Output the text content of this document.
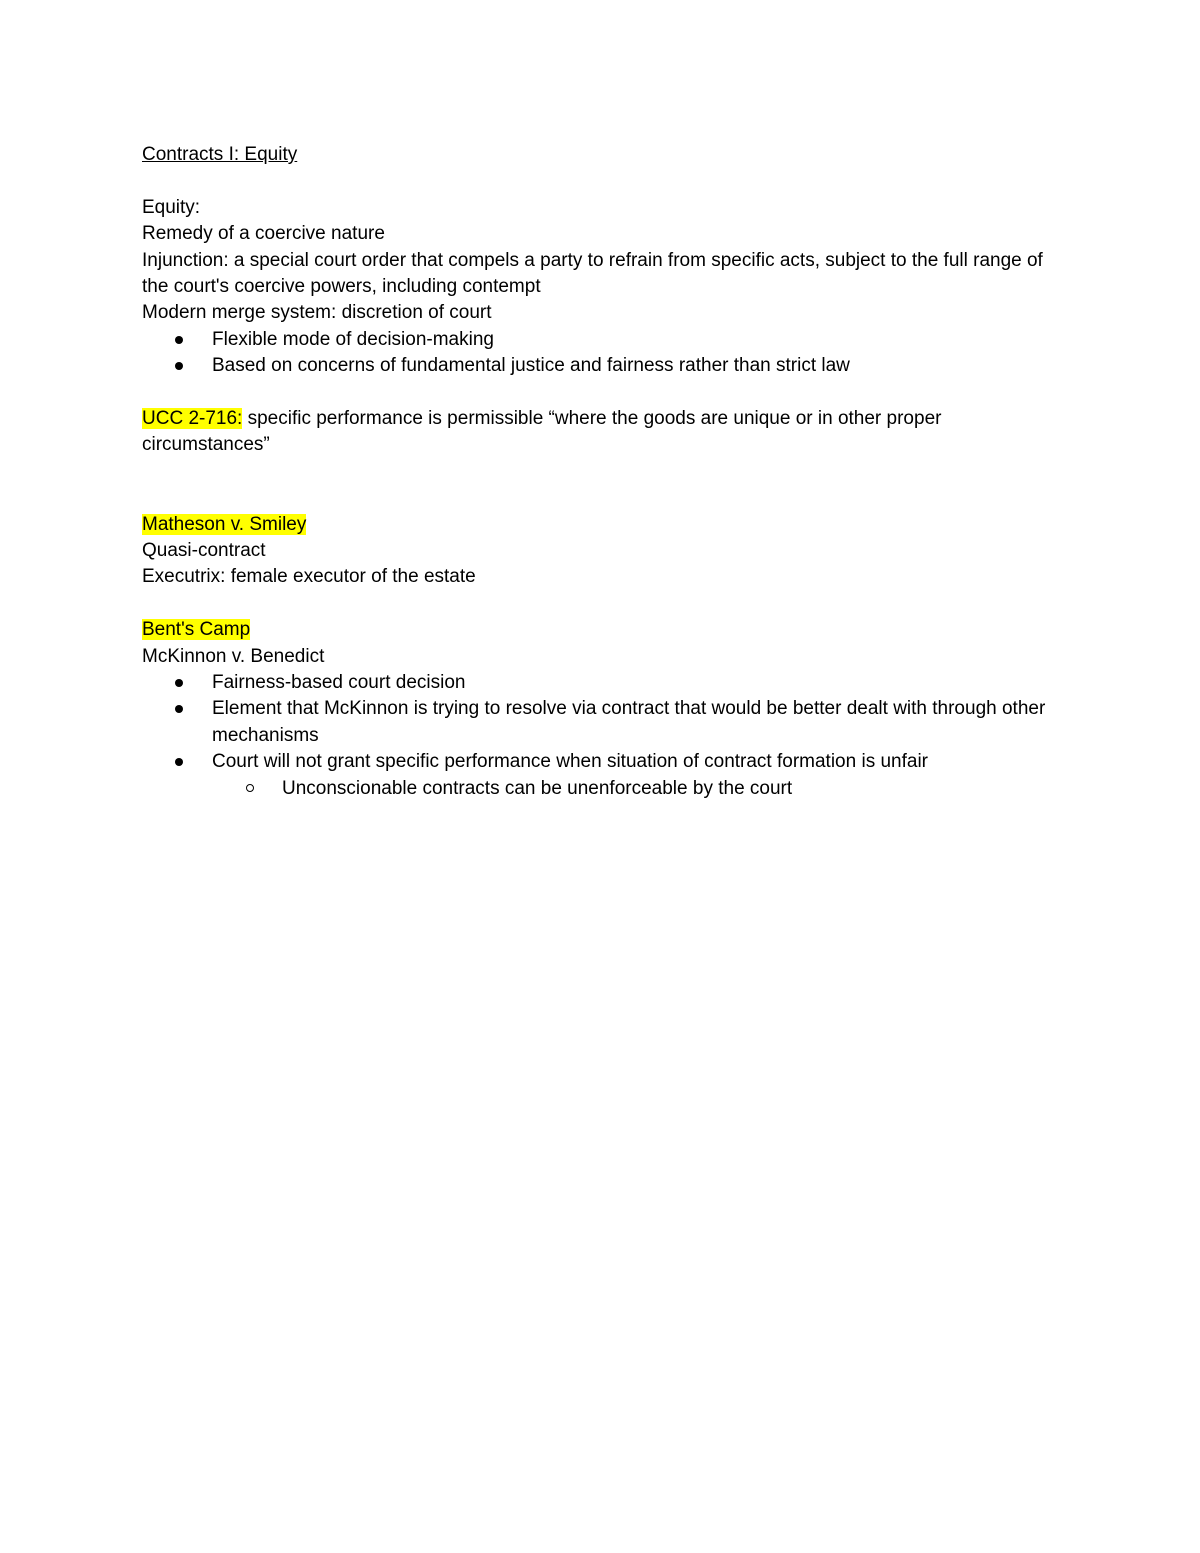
Contracts I: Equity

Equity:

Remedy of a coercive nature

Injunction: a special court order that compels a party to refrain from specific acts, subject to the full range of the court's coercive powers, including contempt

Modern merge system: discretion of court

Flexible mode of decision-making
Based on concerns of fundamental justice and fairness rather than strict law

UCC 2-716: specific performance is permissible “where the goods are unique or in other proper circumstances”

Matheson v. Smiley

Quasi-contract

Executrix: female executor of the estate

Bent's Camp

McKinnon v. Benedict

Fairness-based court decision
Element that McKinnon is trying to resolve via contract that would be better dealt with through other mechanisms
Court will not grant specific performance when situation of contract formation is unfair
Unconscionable contracts can be unenforceable by the court
